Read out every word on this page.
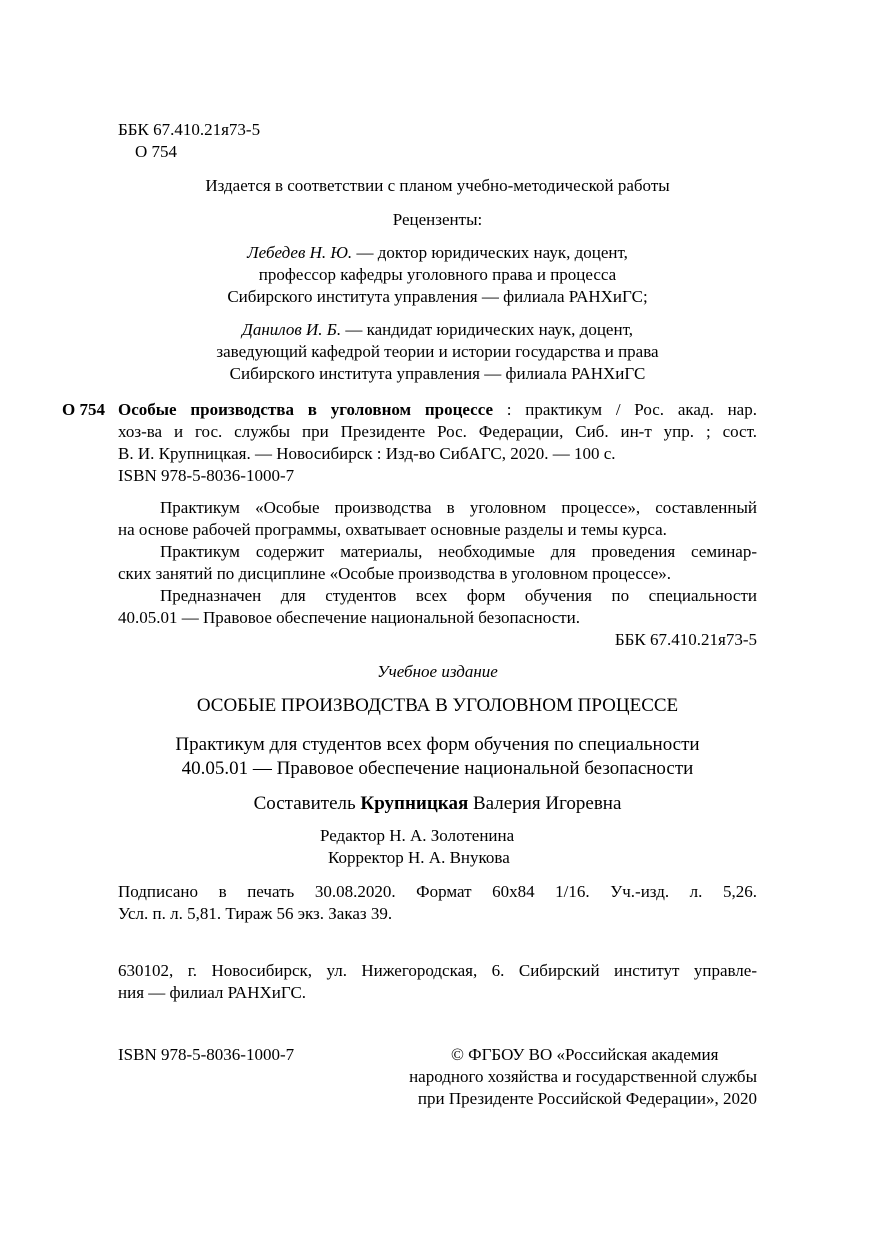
ББК 67.410.21я73-5
О 754
Издается в соответствии с планом учебно-методической работы
Рецензенты:
Лебедев Н. Ю. — доктор юридических наук, доцент,
профессор кафедры уголовного права и процесса
Сибирского института управления — филиала РАНХиГС;
Данилов И. Б. — кандидат юридических наук, доцент,
заведующий кафедрой теории и истории государства и права
Сибирского института управления — филиала РАНХиГС
О 754 Особые производства в уголовном процессе : практикум / Рос. акад. нар.
хоз-ва и гос. службы при Президенте Рос. Федерации, Сиб. ин-т упр. ; сост.
В. И. Крупницкая. — Новосибирск : Изд-во СибАГС, 2020. — 100 с.
ISBN 978-5-8036-1000-7
Практикум «Особые производства в уголовном процессе», составленный
на основе рабочей программы, охватывает основные разделы и темы курса.
Практикум содержит материалы, необходимые для проведения семинар-
ских занятий по дисциплине «Особые производства в уголовном процессе».
Предназначен для студентов всех форм обучения по специальности
40.05.01 — Правовое обеспечение национальной безопасности.
ББК 67.410.21я73-5
Учебное издание
ОСОБЫЕ ПРОИЗВОДСТВА В УГОЛОВНОМ ПРОЦЕССЕ
Практикум для студентов всех форм обучения по специальности
40.05.01 — Правовое обеспечение национальной безопасности
Составитель Крупницкая Валерия Игоревна
Редактор Н. А. Золотенина
Корректор Н. А. Внукова
Подписано в печать 30.08.2020. Формат 60х84 1/16. Уч.-изд. л. 5,26.
Усл. п. л. 5,81. Тираж 56 экз. Заказ 39.
630102, г. Новосибирск, ул. Нижегородская, 6. Сибирский институт управле-
ния — филиал РАНХиГС.
ISBN 978-5-8036-1000-7	© ФГБОУ ВО «Российская академия
народного хозяйства и государственной службы
при Президенте Российской Федерации», 2020
